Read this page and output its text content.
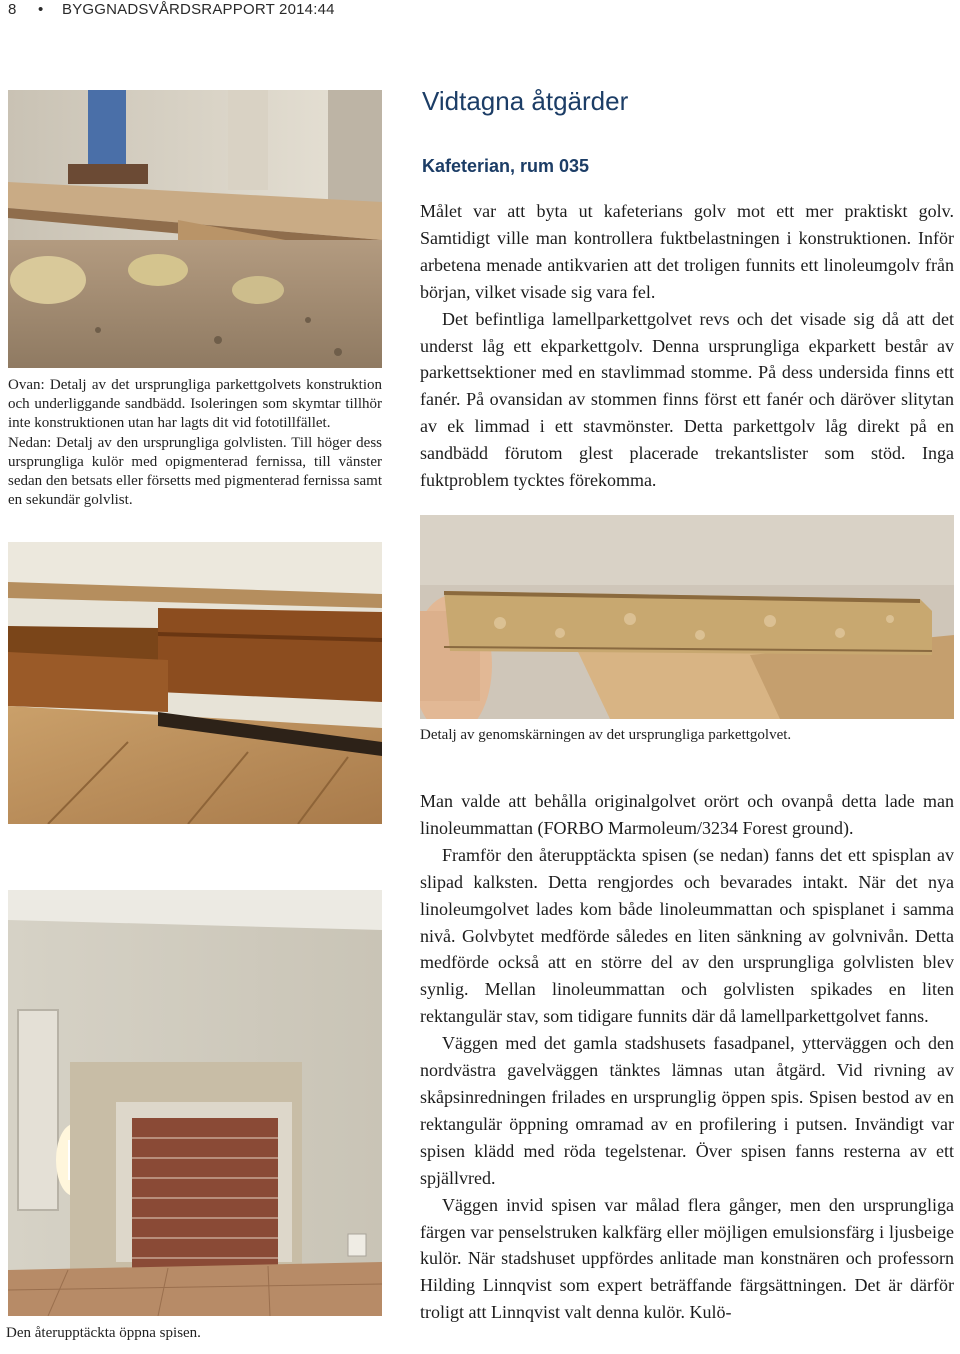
8 • BYGGNADSVÅRDSRAPPORT 2014:44
Vidtagna åtgärder
Kafeterian, rum 035

Målet var att byta ut kafeterians golv mot ett mer praktiskt golv. Samtidigt ville man kontrollera fuktbelastningen i konstruktionen. Inför arbetena menade antikvarien att det troligen funnits ett linoleumgolv från början, vilket visade sig vara fel.

Det befintliga lamellparkettgolvet revs och det visade sig då att det underst låg ett ekparkettgolv. Denna ursprungliga ekparkett består av parkettsektioner med en stavlimmad stomme. På dess undersida finns ett fanér. På ovansidan av stommen finns först ett fanér och däröver slitytan av ek limmad i ett stavmönster. Detta parkettgolv låg direkt på en sandbädd förutom glest placerade trekantslister som stöd. Inga fuktproblem tycktes förekomma.

Man valde att behålla originalgolvet orört och ovanpå detta lade man linoleummattan (FORBO Marmoleum/3234 Forest ground).

Framför den återupptäckta spisen (se nedan) fanns det ett spisplan av slipad kalksten. Detta rengjordes och bevarades intakt. När det nya linoleumgolvet lades kom både linoleummattan och spisplanet i samma nivå. Golvbytet medförde således en liten sänkning av golvnivån. Detta medförde också att en större del av den ursprungliga golvlisten blev synlig. Mellan linoleummattan och golvlisten spikades en liten rektangulär stav, som tidigare funnits där då lamellparkettgolvet fanns.

Väggen med det gamla stadshusets fasadpanel, ytterväggen och den nordvästra gavelväggen tänktes lämnas utan åtgärd. Vid rivning av skåpsinredningen frilades en ursprunglig öppen spis. Spisen bestod av en rektangulär öppning omramad av en profilering i putsen. Invändigt var spisen klädd med röda tegelstenar. Över spisen fanns resterna av ett spjällvred.

Väggen invid spisen var målad flera gånger, men den ursprungliga färgen var penselstruken kalkfärg eller möjligen emulsionsfärg i ljusbeige kulör. När stadshuset uppfördes anlitade man konstnären och professorn Hilding Linnqvist som expert beträffande färgsättningen. Det är därför troligt att Linnqvist valt denna kulör. Kulö-

Ovan: Detalj av det ursprungliga parkettgolvets konstruktion och underliggande sandbädd. Isoleringen som skymtar tillhör inte konstruktionen utan har lagts dit vid fototillfället.

Nedan: Detalj av den ursprungliga golvlisten. Till höger dess ursprungliga kulör med opigmenterad fernissa, till vänster sedan den betsats eller försetts med pigmenterad fernissa samt en sekundär golvlist.

Detalj av genomskärningen av det ursprungliga parkettgolvet.
Den återupptäckta öppna spisen.
